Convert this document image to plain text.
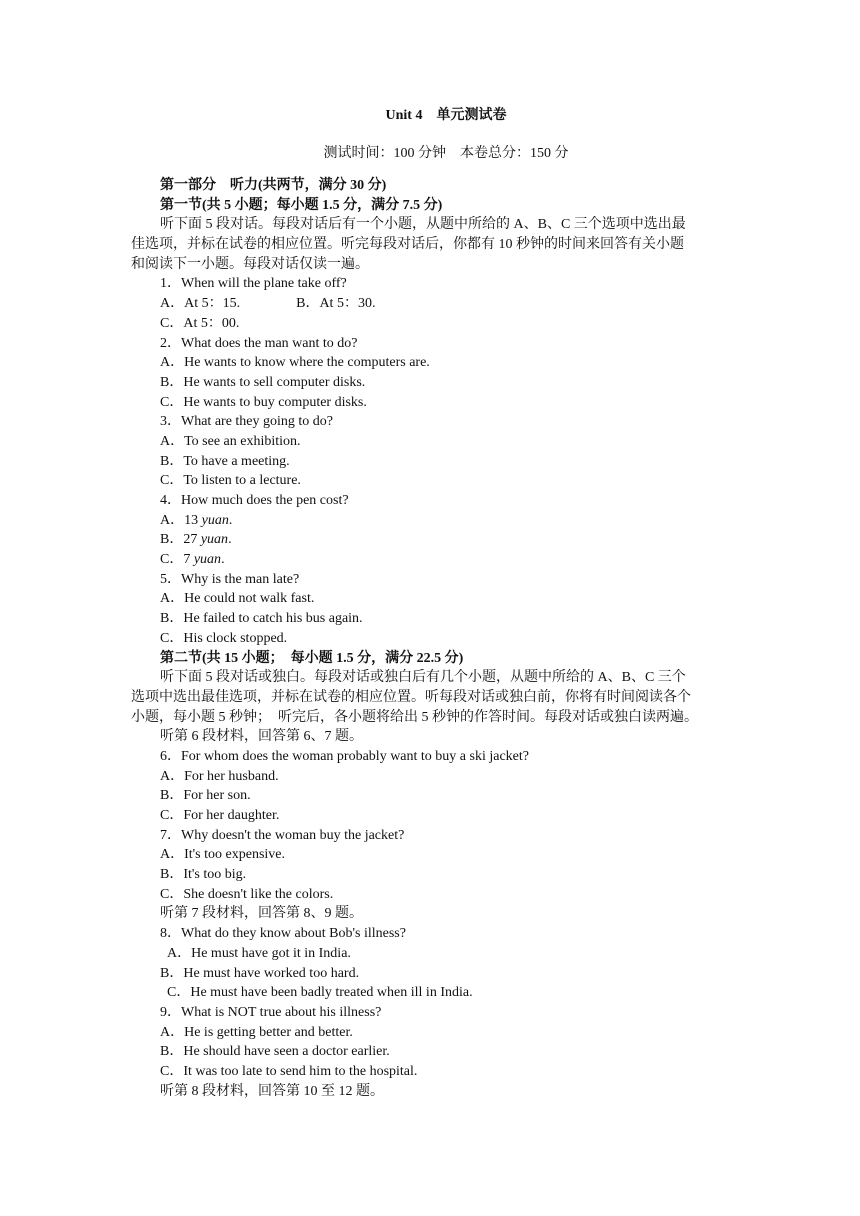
Unit 4　单元测试卷
测试时间：100 分钟　本卷总分：150 分
第一部分　听力(共两节，满分 30 分)
第一节(共 5 小题；每小题 1.5 分，满分 7.5 分)
听下面 5 段对话。每段对话后有一个小题，从题中所给的 A、B、C 三个选项中选出最
佳选项，并标在试卷的相应位置。听完每段对话后，你都有 10 秒钟的时间来回答有关小题
和阅读下一小题。每段对话仅读一遍。
1．When will the plane take off?
A．At 5：15.                B．At 5：30.
C．At 5：00.
2．What does the man want to do?
A．He wants to know where the computers are.
B．He wants to sell computer disks.
C．He wants to buy computer disks.
3．What are they going to do?
A．To see an exhibition.
B．To have a meeting.
C．To listen to a lecture.
4．How much does the pen cost?
A．13 yuan.
B．27 yuan.
C．7 yuan.
5．Why is the man late?
A．He could not walk fast.
B．He failed to catch his bus again.
C．His clock stopped.
第二节(共 15 小题；　每小题 1.5 分，满分 22.5 分)
听下面 5 段对话或独白。每段对话或独白后有几个小题，从题中所给的 A、B、C 三个
选项中选出最佳选项，并标在试卷的相应位置。听每段对话或独白前，你将有时间阅读各个
小题，每小题 5 秒钟；　听完后，各小题将给出 5 秒钟的作答时间。每段对话或独白读两遍。
听第 6 段材料，回答第 6、7 题。
6．For whom does the woman probably want to buy a ski jacket?
A．For her husband.
B．For her son.
C．For her daughter.
7．Why doesn't the woman buy the jacket?
A．It's too expensive.
B．It's too big.
C．She doesn't like the colors.
听第 7 段材料，回答第 8、9 题。
8．What do they know about Bob's illness?
A．He must have got it in India.
B．He must have worked too hard.
C．He must have been badly treated when ill in India.
9．What is NOT true about his illness?
A．He is getting better and better.
B．He should have seen a doctor earlier.
C．It was too late to send him to the hospital.
听第 8 段材料，回答第 10 至 12 题。
